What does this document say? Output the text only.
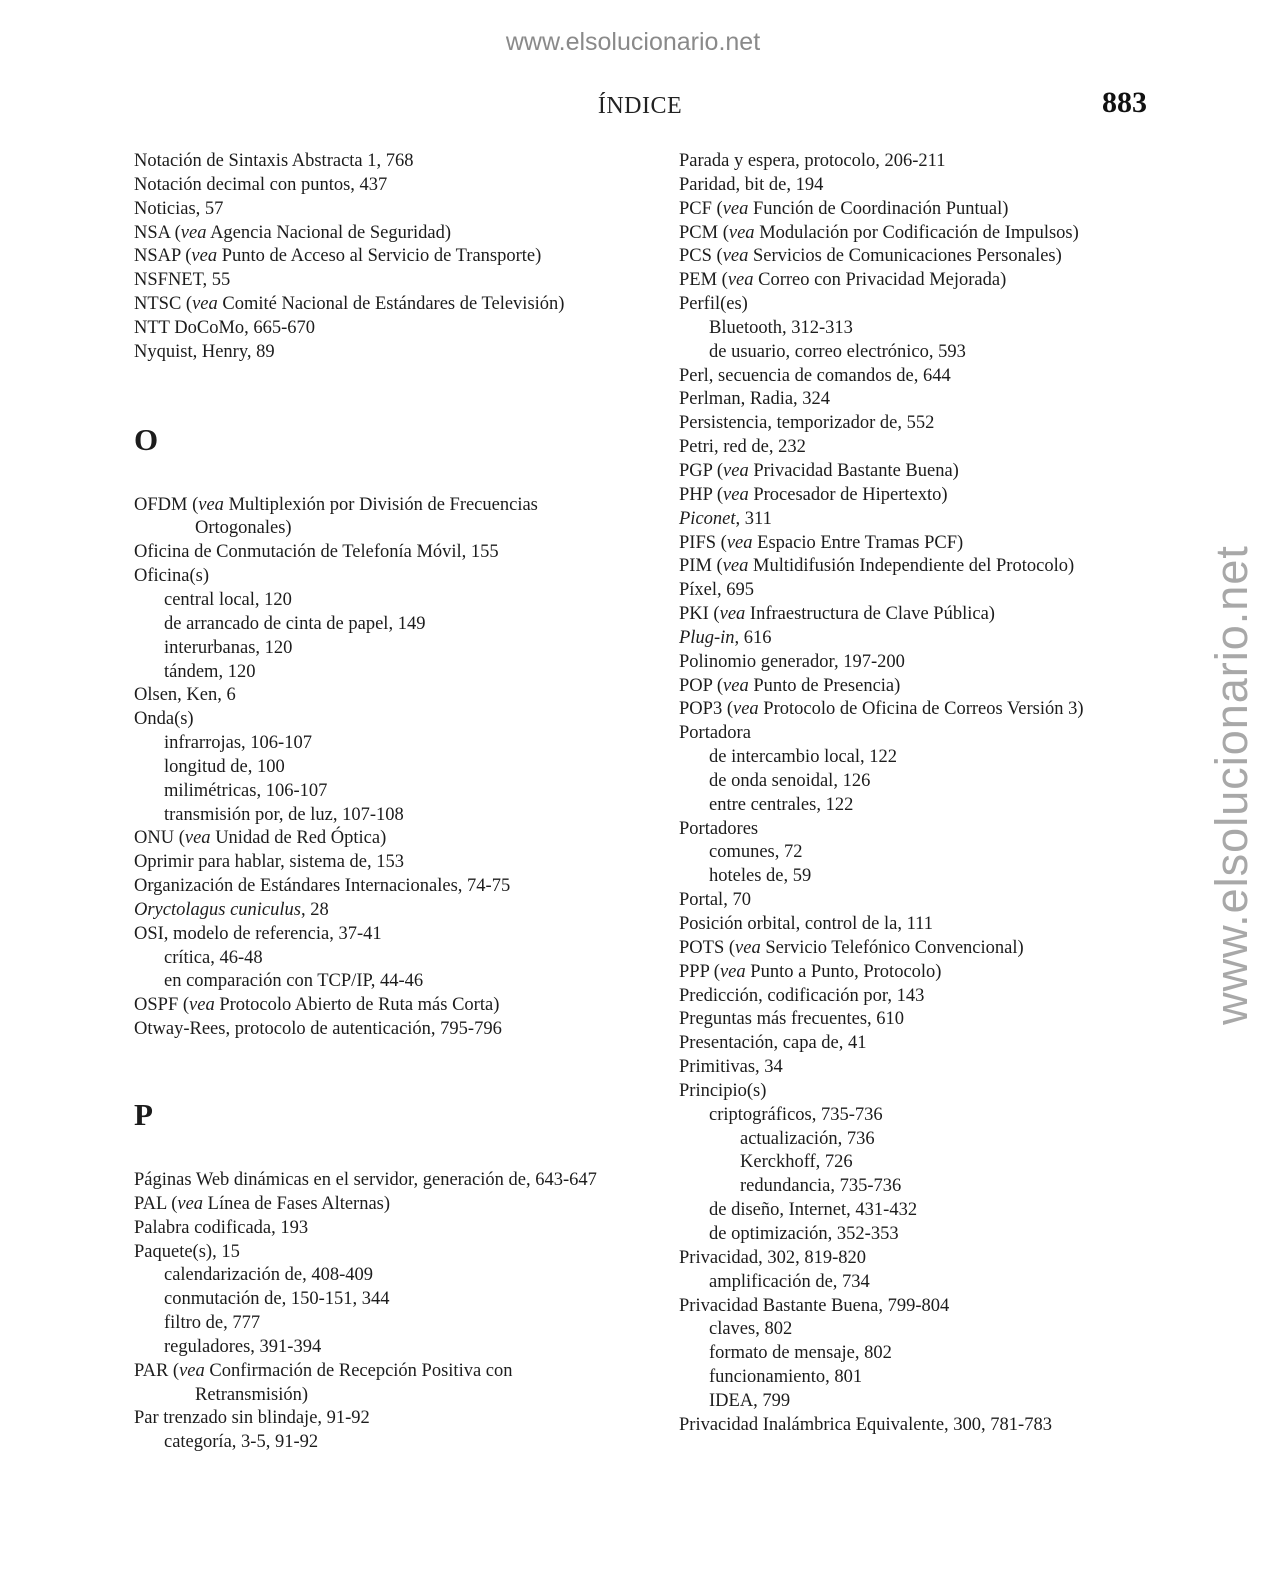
www.elsolucionario.net
www.elsolucionario.net
ÍNDICE	883
Notación de Sintaxis Abstracta 1, 768
Notación decimal con puntos, 437
Noticias, 57
NSA (vea Agencia Nacional de Seguridad)
NSAP (vea Punto de Acceso al Servicio de Transporte)
NSFNET, 55
NTSC (vea Comité Nacional de Estándares de Televisión)
NTT DoCoMo, 665-670
Nyquist, Henry, 89
O
OFDM (vea Multiplexión por División de Frecuencias
Ortogonales)
Oficina de Conmutación de Telefonía Móvil, 155
Oficina(s)
central local, 120
de arrancado de cinta de papel, 149
interurbanas, 120
tándem, 120
Olsen, Ken, 6
Onda(s)
infrarrojas, 106-107
longitud de, 100
milimétricas, 106-107
transmisión por, de luz, 107-108
ONU (vea Unidad de Red Óptica)
Oprimir para hablar, sistema de, 153
Organización de Estándares Internacionales, 74-75
Oryctolagus cuniculus, 28
OSI, modelo de referencia, 37-41
crítica, 46-48
en comparación con TCP/IP, 44-46
OSPF (vea Protocolo Abierto de Ruta más Corta)
Otway-Rees, protocolo de autenticación, 795-796
P
Páginas Web dinámicas en el servidor, generación de, 643-647
PAL (vea Línea de Fases Alternas)
Palabra codificada, 193
Paquete(s), 15
calendarización de, 408-409
conmutación de, 150-151, 344
filtro de, 777
reguladores, 391-394
PAR (vea Confirmación de Recepción Positiva con
Retransmisión)
Par trenzado sin blindaje, 91-92
categoría, 3-5, 91-92
Parada y espera, protocolo, 206-211
Paridad, bit de, 194
PCF (vea Función de Coordinación Puntual)
PCM (vea Modulación por Codificación de Impulsos)
PCS (vea Servicios de Comunicaciones Personales)
PEM (vea Correo con Privacidad Mejorada)
Perfil(es)
Bluetooth, 312-313
de usuario, correo electrónico, 593
Perl, secuencia de comandos de, 644
Perlman, Radia, 324
Persistencia, temporizador de, 552
Petri, red de, 232
PGP (vea Privacidad Bastante Buena)
PHP (vea Procesador de Hipertexto)
Piconet, 311
PIFS (vea Espacio Entre Tramas PCF)
PIM (vea Multidifusión Independiente del Protocolo)
Píxel, 695
PKI (vea Infraestructura de Clave Pública)
Plug-in, 616
Polinomio generador, 197-200
POP (vea Punto de Presencia)
POP3 (vea Protocolo de Oficina de Correos Versión 3)
Portadora
de intercambio local, 122
de onda senoidal, 126
entre centrales, 122
Portadores
comunes, 72
hoteles de, 59
Portal, 70
Posición orbital, control de la, 111
POTS (vea Servicio Telefónico Convencional)
PPP (vea Punto a Punto, Protocolo)
Predicción, codificación por, 143
Preguntas más frecuentes, 610
Presentación, capa de, 41
Primitivas, 34
Principio(s)
criptográficos, 735-736
actualización, 736
Kerckhoff, 726
redundancia, 735-736
de diseño, Internet, 431-432
de optimización, 352-353
Privacidad, 302, 819-820
amplificación de, 734
Privacidad Bastante Buena, 799-804
claves, 802
formato de mensaje, 802
funcionamiento, 801
IDEA, 799
Privacidad Inalámbrica Equivalente, 300, 781-783
